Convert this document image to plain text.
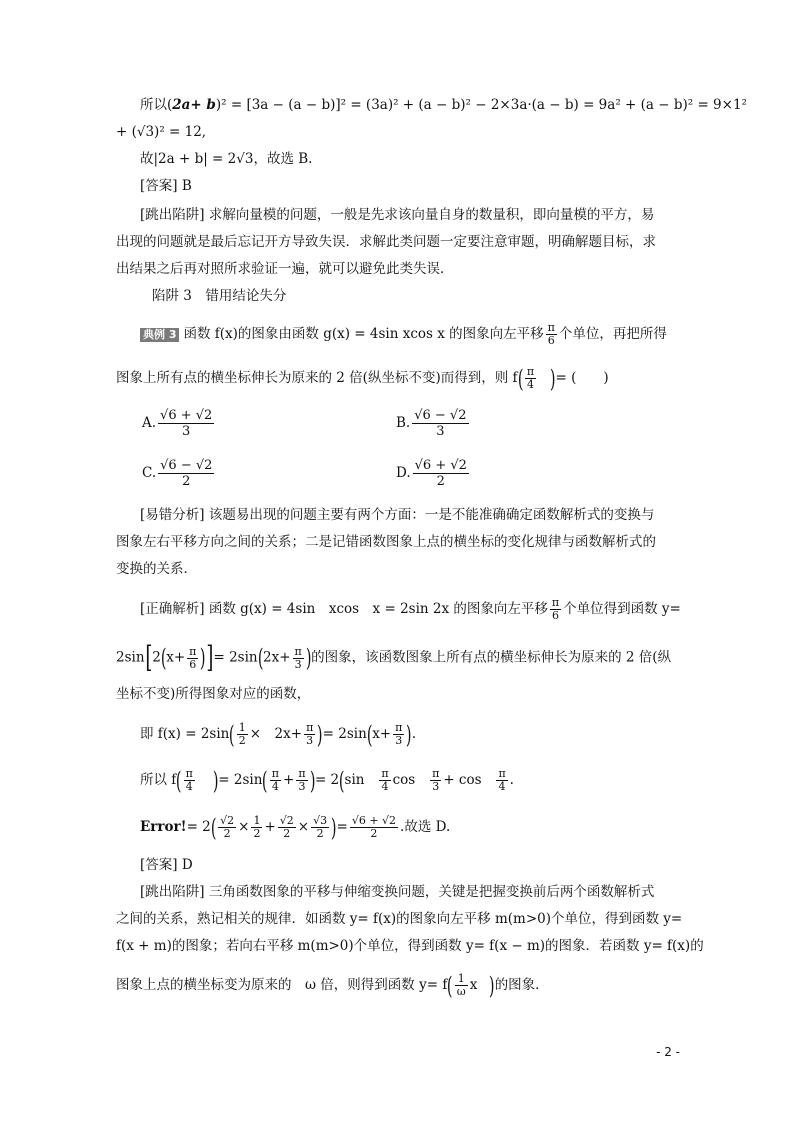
所以(2a+ b)² = [3a − (a − b)]² = (3a)² + (a − b)² − 2×3a·(a − b) = 9a² + (a − b)² = 9×1²
+ (√3)² = 12,
故|2a + b| = 2√3，故选 B.
[答案] B
[跳出陷阱] 求解向量模的问题，一般是先求该向量自身的数量积，即向量模的平方，易
出现的问题就是最后忘记开方导致失误．求解此类问题一定要注意审题，明确解题目标，求
出结果之后再对照所求验证一遍，就可以避免此类失误．
陷阱 3　错用结论失分
典例 3 函数 f(x)的图象由函数 g(x) = 4sin xcos x 的图象向左平移 $\frac{\pi}{6}$ 个单位，再把所得
图象上所有点的横坐标伸长为原来的 2 倍(纵坐标不变)而得到，则 $f( \frac{\pi}{4}$ )= (　　)
A. $\frac{√6 + √2}{3}$	B. $\frac{√6 - √2}{3}$
C. $\frac{√6 - √2}{2}$	D. $\frac{√6 + √2}{2}$
[易错分析] 该题易出现的问题主要有两个方面：一是不能准确确定函数解析式的变换与
图象左右平移方向之间的关系；二是记错函数图象上点的横坐标的变化规律与函数解析式的
变换的关系．
[正确解析] 函数 g(x) = 4sin　xcos　x = 2sin 2x 的图象向左平移 $\frac{\pi}{6}$ 个单位得到函数 y=
$2\sin[2(x+ \frac{\pi}{6}$ )]= $2\sin(2x+ \frac{\pi}{3}$ )的图象，该函数图象上所有点的横坐标伸长为原来的 2 倍(纵
坐标不变)所得图象对应的函数，
即 $f(x) = 2\sin( \frac{1}{2}$ ×　$2x+ \frac{\pi}{3}$ )= $2\sin(x+ \frac{\pi}{3}$ ).
所以 $f( \frac{\pi}{4}$ )= $2\sin( \frac{\pi}{4} + \frac{\pi}{3}$ )= $2(\sin \frac{\pi}{4}$ $\cos \frac{\pi}{3} + \cos \frac{\pi}{4}$ .
Error!= $2( \frac{√2}{2} \times \frac{1}{2} + \frac{√2}{2} \times \frac{√3}{2}$ )= $\frac{√6 + √2}{2}$ .故选 D.
[答案] D
[跳出陷阱] 三角函数图象的平移与伸缩变换问题，关键是把握变换前后两个函数解析式
之间的关系，熟记相关的规律．如函数 y= f(x)的图象向左平移 m(m>0)个单位，得到函数 y=
f(x + m)的图象；若向右平移 m(m>0)个单位，得到函数 y= f(x − m)的图象．若函数 y= f(x)的
图象上点的横坐标变为原来的　ω 倍，则得到函数 $y= f( \frac{1}{\omega}$ x )的图象．
- 2 -
